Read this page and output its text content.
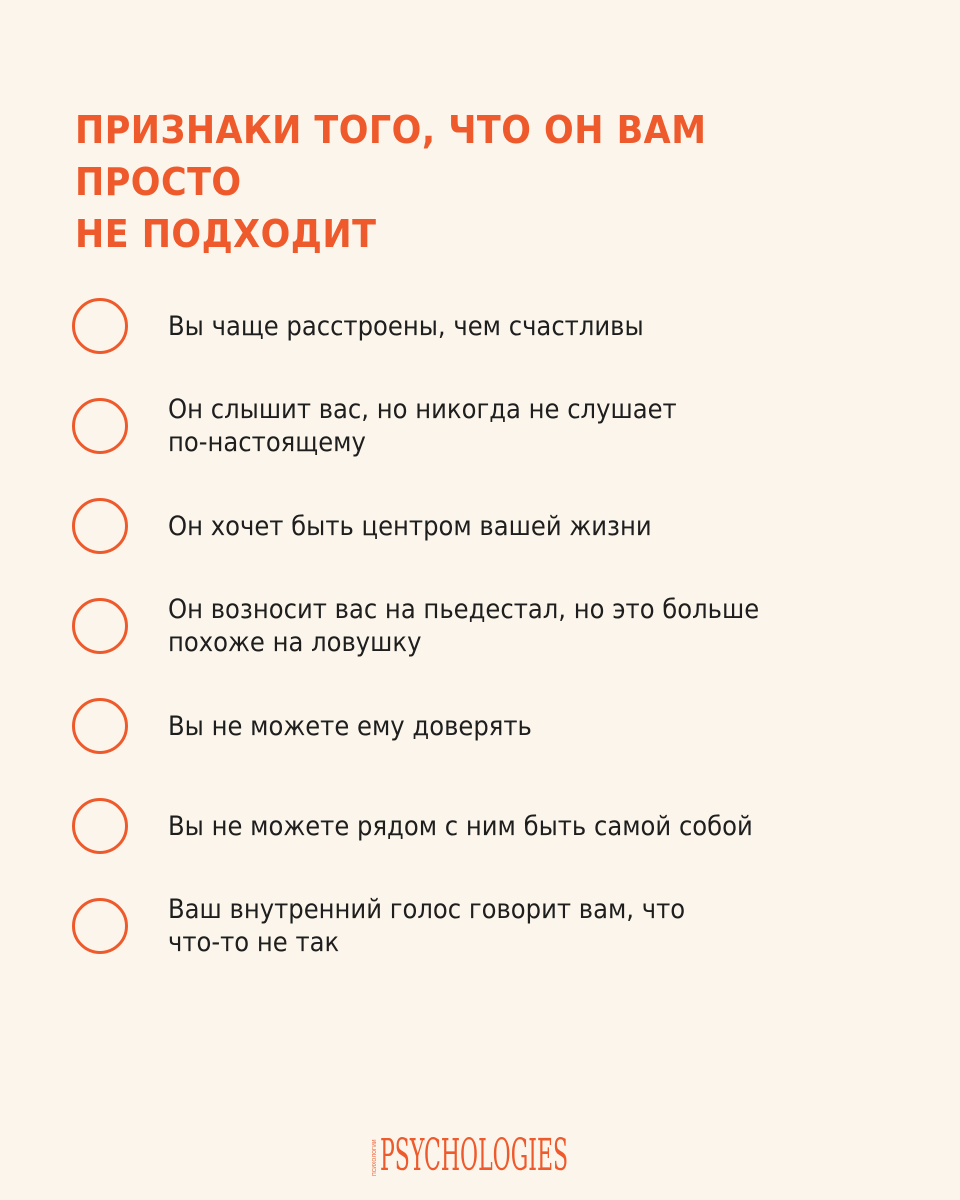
ПРИЗНАКИ ТОГО, ЧТО ОН ВАМ ПРОСТО
НЕ ПОДХОДИТ
Вы чаще расстроены, чем счастливы
Он слышит вас, но никогда не слушает
по-настоящему
Он хочет быть центром вашей жизни
Он возносит вас на пьедестал, но это больше
похоже на ловушку
Вы не можете ему доверять
Вы не можете рядом с ним быть самой собой
Ваш внутренний голос говорит вам, что
что-то не так
ПСИХОЛОГИИ PSYCHOLOGIES
